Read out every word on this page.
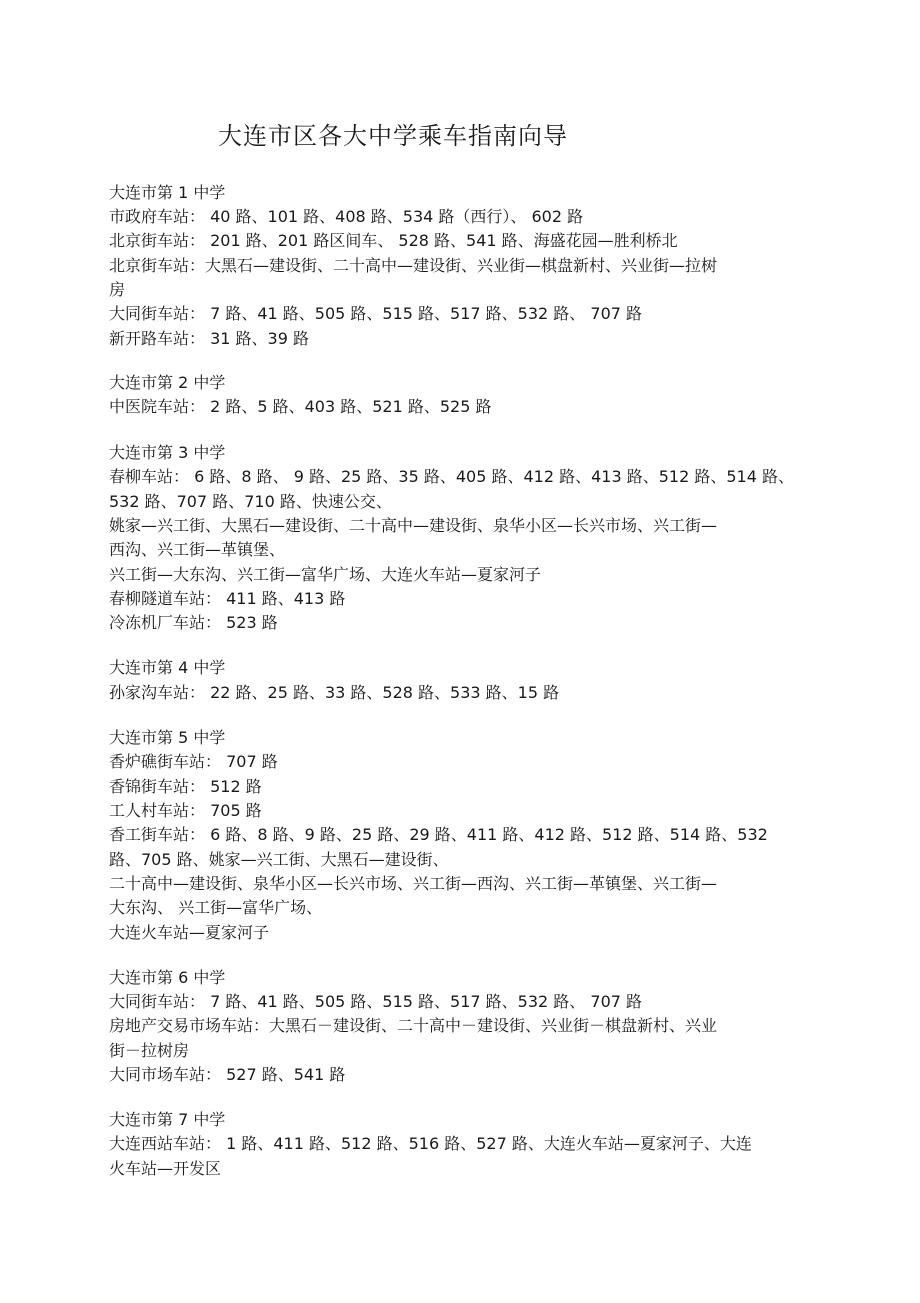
大连市区各大中学乘车指南向导
大连市第 1 中学
市政府车站： 40 路、101 路、408 路、534 路（西行）、 602 路
北京街车站： 201 路、201 路区间车、 528 路、541 路、海盛花园—胜利桥北
北京街车站：大黑石—建设街、二十高中—建设街、兴业街—棋盘新村、兴业街—拉树
房
大同街车站： 7 路、41 路、505 路、515 路、517 路、532 路、 707 路
新开路车站： 31 路、39 路
大连市第 2 中学
中医院车站： 2 路、5 路、403 路、521 路、525 路
大连市第 3 中学
春柳车站： 6 路、8 路、 9 路、25 路、35 路、405 路、412 路、413 路、512 路、514 路、
532 路、707 路、710 路、快速公交、
姚家—兴工街、大黑石—建设街、二十高中—建设街、泉华小区—长兴市场、兴工街—
西沟、兴工街—革镇堡、
兴工街—大东沟、兴工街—富华广场、大连火车站—夏家河子
春柳隧道车站： 411 路、413 路
冷冻机厂车站： 523 路
大连市第 4 中学
孙家沟车站： 22 路、25 路、33 路、528 路、533 路、15 路
大连市第 5 中学
香炉礁街车站： 707 路
香锦街车站： 512 路
工人村车站： 705 路
香工街车站： 6 路、8 路、9 路、25 路、29 路、411 路、412 路、512 路、514 路、532
路、705 路、姚家—兴工街、大黑石—建设街、
二十高中—建设街、泉华小区—长兴市场、兴工街—西沟、兴工街—革镇堡、兴工街—
大东沟、 兴工街—富华广场、
大连火车站—夏家河子
大连市第 6 中学
大同街车站： 7 路、41 路、505 路、515 路、517 路、532 路、 707 路
房地产交易市场车站：大黑石－建设街、二十高中－建设街、兴业街－棋盘新村、兴业
街－拉树房
大同市场车站： 527 路、541 路
大连市第 7 中学
大连西站车站： 1 路、411 路、512 路、516 路、527 路、大连火车站—夏家河子、大连
火车站—开发区
